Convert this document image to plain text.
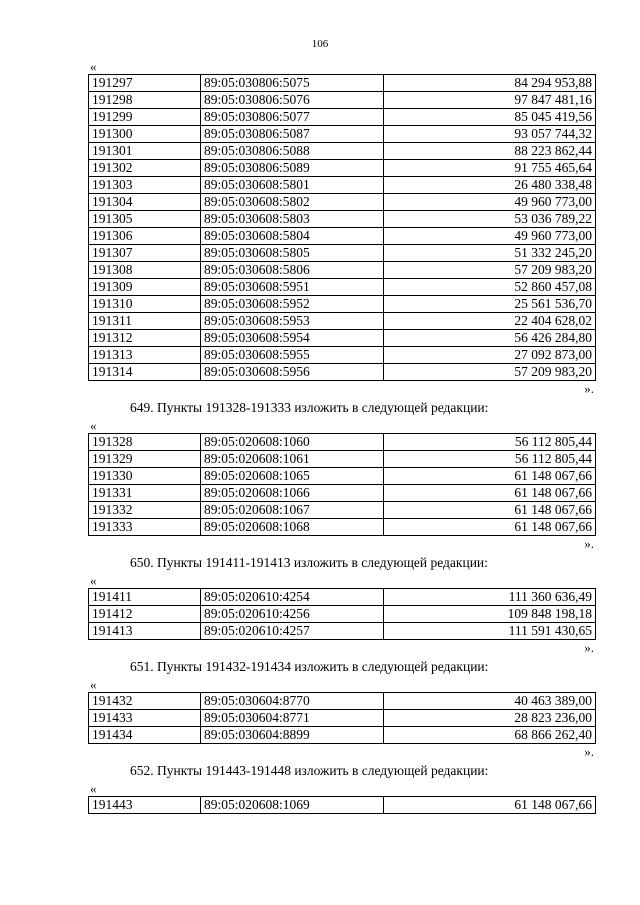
106
«
191297	89:05:030806:5075	84 294 953,88
191298	89:05:030806:5076	97 847 481,16
191299	89:05:030806:5077	85 045 419,56
191300	89:05:030806:5087	93 057 744,32
191301	89:05:030806:5088	88 223 862,44
191302	89:05:030806:5089	91 755 465,64
191303	89:05:030608:5801	26 480 338,48
191304	89:05:030608:5802	49 960 773,00
191305	89:05:030608:5803	53 036 789,22
191306	89:05:030608:5804	49 960 773,00
191307	89:05:030608:5805	51 332 245,20
191308	89:05:030608:5806	57 209 983,20
191309	89:05:030608:5951	52 860 457,08
191310	89:05:030608:5952	25 561 536,70
191311	89:05:030608:5953	22 404 628,02
191312	89:05:030608:5954	56 426 284,80
191313	89:05:030608:5955	27 092 873,00
191314	89:05:030608:5956	57 209 983,20
».
649. Пункты 191328-191333 изложить в следующей редакции:
«
191328	89:05:020608:1060	56 112 805,44
191329	89:05:020608:1061	56 112 805,44
191330	89:05:020608:1065	61 148 067,66
191331	89:05:020608:1066	61 148 067,66
191332	89:05:020608:1067	61 148 067,66
191333	89:05:020608:1068	61 148 067,66
».
650. Пункты 191411-191413 изложить в следующей редакции:
«
191411	89:05:020610:4254	111 360 636,49
191412	89:05:020610:4256	109 848 198,18
191413	89:05:020610:4257	111 591 430,65
».
651. Пункты 191432-191434 изложить в следующей редакции:
«
191432	89:05:030604:8770	40 463 389,00
191433	89:05:030604:8771	28 823 236,00
191434	89:05:030604:8899	68 866 262,40
».
652. Пункты 191443-191448 изложить в следующей редакции:
«
191443	89:05:020608:1069	61 148 067,66
